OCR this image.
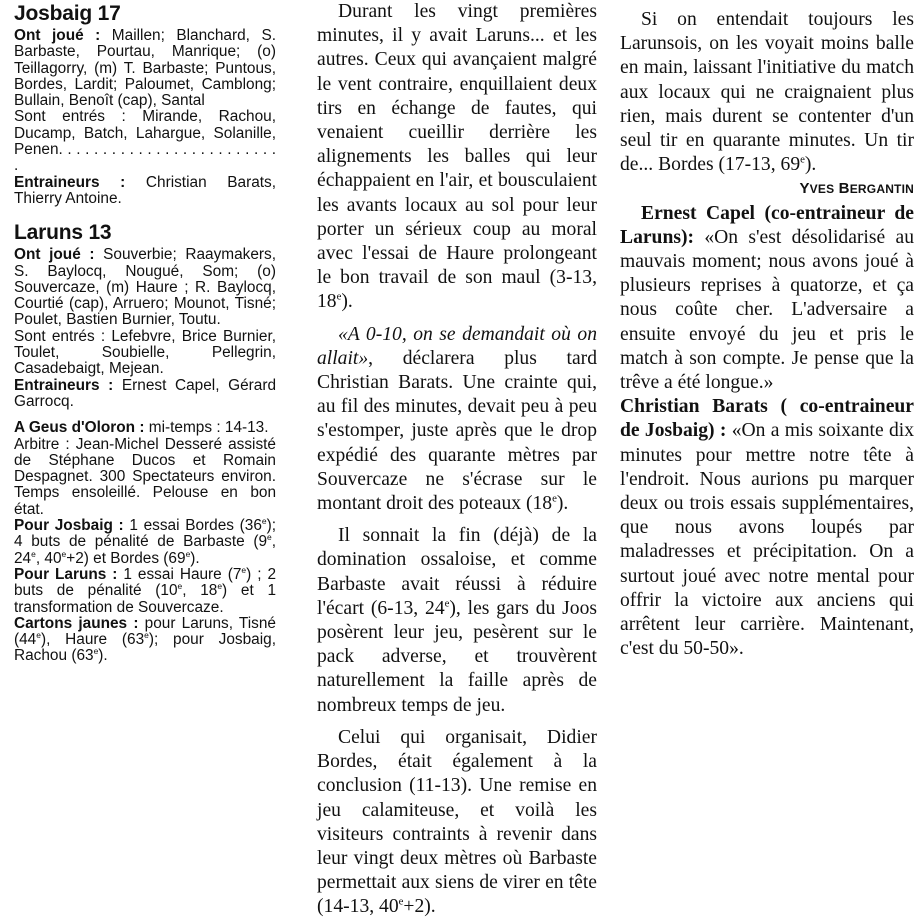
Josbaig 17

Ont joué : Maillen; Blanchard, S. Barbaste, Pourtau, Manrique; (o) Teillagorry, (m) T. Barbaste; Puntous, Bordes, Lardit; Paloumet, Camblong; Bullain, Benoît (cap), Santal

Sont entrés : Mirande, Rachou, Ducamp, Batch, Lahargue, Solanille, Penen. . . . . . . . . . . . . . . . . . . . . . . . . .

Entraineurs : Christian Barats, Thierry Antoine.

Laruns 13

Ont joué : Souverbie; Raaymakers, S. Baylocq, Nougué, Som; (o) Souvercaze, (m) Haure ; R. Baylocq, Courtié (cap), Arruero; Mounot, Tisné; Poulet, Bastien Burnier, Toutu.

Sont entrés : Lefebvre, Brice Burnier, Toulet, Soubielle, Pellegrin, Casadebaigt, Mejean.

Entraineurs : Ernest Capel, Gérard Garrocq.

A Geus d'Oloron : mi-temps : 14-13.

Arbitre : Jean-Michel Desseré assisté de Stéphane Ducos et Romain Despagnet. 300 Spectateurs environ. Temps ensoleillé. Pelouse en bon état.

Pour Josbaig : 1 essai Bordes (36e); 4 buts de pénalité de Barbaste (9e, 24e, $40^e+2$) et Bordes (69e).

Pour Laruns : 1 essai Haure (7e) ; 2 buts de pénalité (10e, 18e) et 1 transformation de Souvercaze.

Cartons jaunes : pour Laruns, Tisné (44e), Haure (63e); pour Josbaig, Rachou (63e).

Durant les vingt premières minutes, il y avait Laruns... et les autres. Ceux qui avançaient malgré le vent contraire, enquillaient deux tirs en échange de fautes, qui venaient cueillir derrière les alignements les balles qui leur échappaient en l'air, et bousculaient les avants locaux au sol pour leur porter un sérieux coup au moral avec l'essai de Haure prolongeant le bon travail de son maul (3-13, 18e).

«A 0-10, on se demandait où on allait», déclarera plus tard Christian Barats. Une crainte qui, au fil des minutes, devait peu à peu s'estomper, juste après que le drop expédié des quarante mètres par Souvercaze ne s'écrase sur le montant droit des poteaux (18e).

Il sonnait la fin (déjà) de la domination ossaloise, et comme Barbaste avait réussi à réduire l'écart (6-13, 24e), les gars du Joos posèrent leur jeu, pesèrent sur le pack adverse, et trouvèrent naturellement la faille après de nombreux temps de jeu.

Celui qui organisait, Didier Bordes, était également à la conclusion (11-13). Une remise en jeu calamiteuse, et voilà les visiteurs contraints à revenir dans leur vingt deux mètres où Barbaste permettait aux siens de virer en tête (14-13, $40^e+2$).

Si on entendait toujours les Larunsois, on les voyait moins balle en main, laissant l'initiative du match aux locaux qui ne craignaient plus rien, mais durent se contenter d'un seul tir en quarante minutes. Un tir de... Bordes (17-13, 69e).

YVES BERGANTIN

Ernest Capel (co-entraineur de Laruns): «On s'est désolidarisé au mauvais moment; nous avons joué à plusieurs reprises à quatorze, et ça nous coûte cher. L'adversaire a ensuite envoyé du jeu et pris le match à son compte. Je pense que la trêve a été longue.»

Christian Barats ( co-entraineur de Josbaig) : «On a mis soixante dix minutes pour mettre notre tête à l'endroit. Nous aurions pu marquer deux ou trois essais supplémentaires, que nous avons loupés par maladresses et précipitation. On a surtout joué avec notre mental pour offrir la victoire aux anciens qui arrêtent leur carrière. Maintenant, c'est du 50-50».
